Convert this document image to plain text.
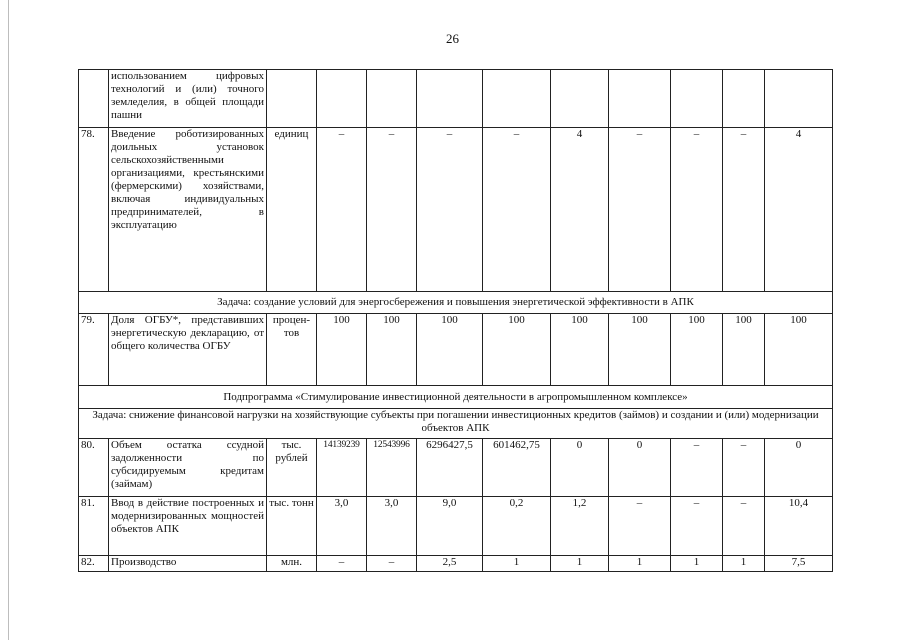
26
	использованием цифровых технологий и (или) точного земледелия, в общей площади пашни										
78.	Введение роботизированных доильных установок сельскохозяйственными организациями, крестьянскими (фермерскими) хозяйствами, включая индивидуальных предпринимателей, в эксплуатацию	единиц	–	–	–	–	4	–	–	–	4
Задача: создание условий для энергосбережения и повышения энергетической эффективности в АПК											
79.	Доля ОГБУ*, представивших энергетическую декларацию, от общего количества ОГБУ	процен-тов	100	100	100	100	100	100	100	100	100
Подпрограмма «Стимулирование инвестиционной деятельности в агропромышленном комплексе»											
Задача: снижение финансовой нагрузки на хозяйствующие субъекты при погашении инвестиционных кредитов (займов) и создании и (или) модернизации объектов АПК											
80.	Объем остатка ссудной задолженности по субсидируемым кредитам (займам)	тыс. рублей	14139239	12543996	6296427,5	601462,75	0	0	–	–	0
81.	Ввод в действие построенных и модернизированных мощностей объектов АПК	тыс. тонн	3,0	3,0	9,0	0,2	1,2	–	–	–	10,4
82.	Производство	млн.	–	–	2,5	1	1	1	1	1	7,5
